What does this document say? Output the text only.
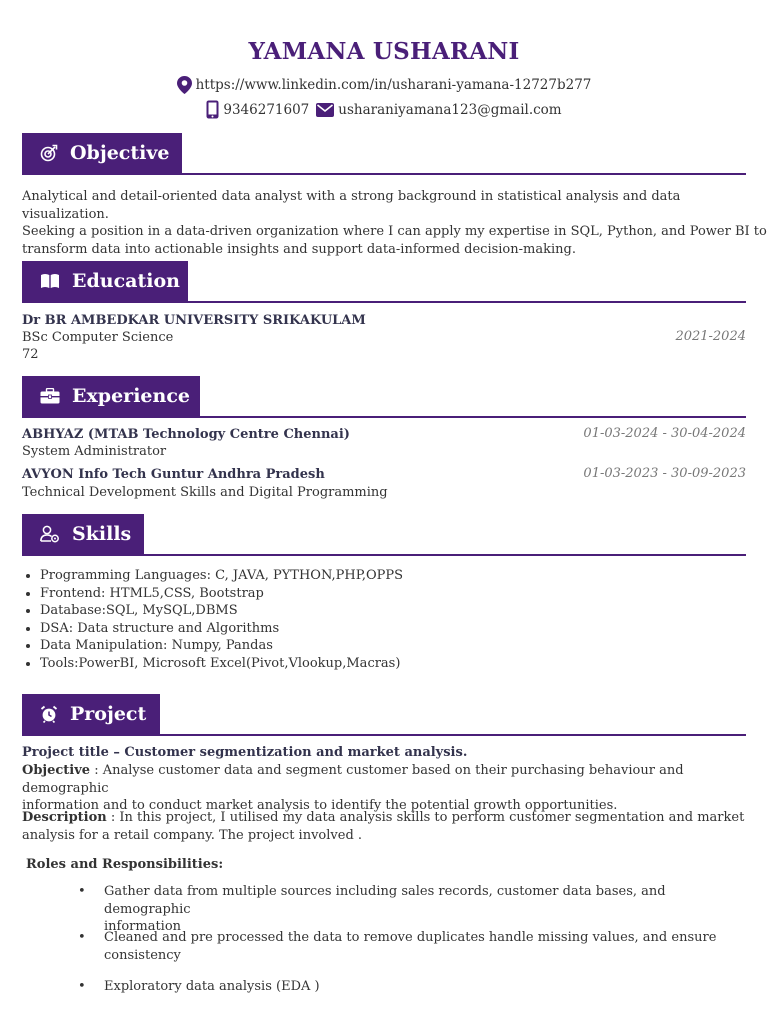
YAMANA USHARANI
https://www.linkedin.com/in/usharani-yamana-12727b277
9346271607 usharaniyamana123@gmail.com
Objective
Analytical and detail-oriented data analyst with a strong background in statistical analysis and data visualization.
Seeking a position in a data-driven organization where I can apply my expertise in SQL, Python, and Power BI to
transform data into actionable insights and support data-informed decision-making.
Education
Dr BR AMBEDKAR UNIVERSITY SRIKAKULAM
BSc Computer Science
72
2021-2024
Experience
ABHYAZ (MTAB Technology Centre Chennai)
System Administrator
01-03-2024 - 30-04-2024
AVYON Info Tech Guntur Andhra Pradesh
Technical Development Skills and Digital Programming
01-03-2023 - 30-09-2023
Skills
• Programming Languages: C, JAVA, PYTHON,PHP,OPPS
• Frontend: HTML5,CSS, Bootstrap
• Database:SQL, MySQL,DBMS
• DSA: Data structure and Algorithms
• Data Manipulation: Numpy, Pandas
• Tools:PowerBI, Microsoft Excel(Pivot,Vlookup,Macras)
Project
Project title – Customer segmentization and market analysis.
Objective : Analyse customer data and segment customer based on their purchasing behaviour and demographic
information and to conduct market analysis to identify the potential growth opportunities.
Description : In this project, I utilised my data analysis skills to perform customer segmentation and market
analysis for a retail company. The project involved .
Roles and Responsibilities:
• Gather data from multiple sources including sales records, customer data bases, and demographic
information
• Cleaned and pre processed the data to remove duplicates handle missing values, and ensure
consistency
• Exploratory data analysis (EDA )
